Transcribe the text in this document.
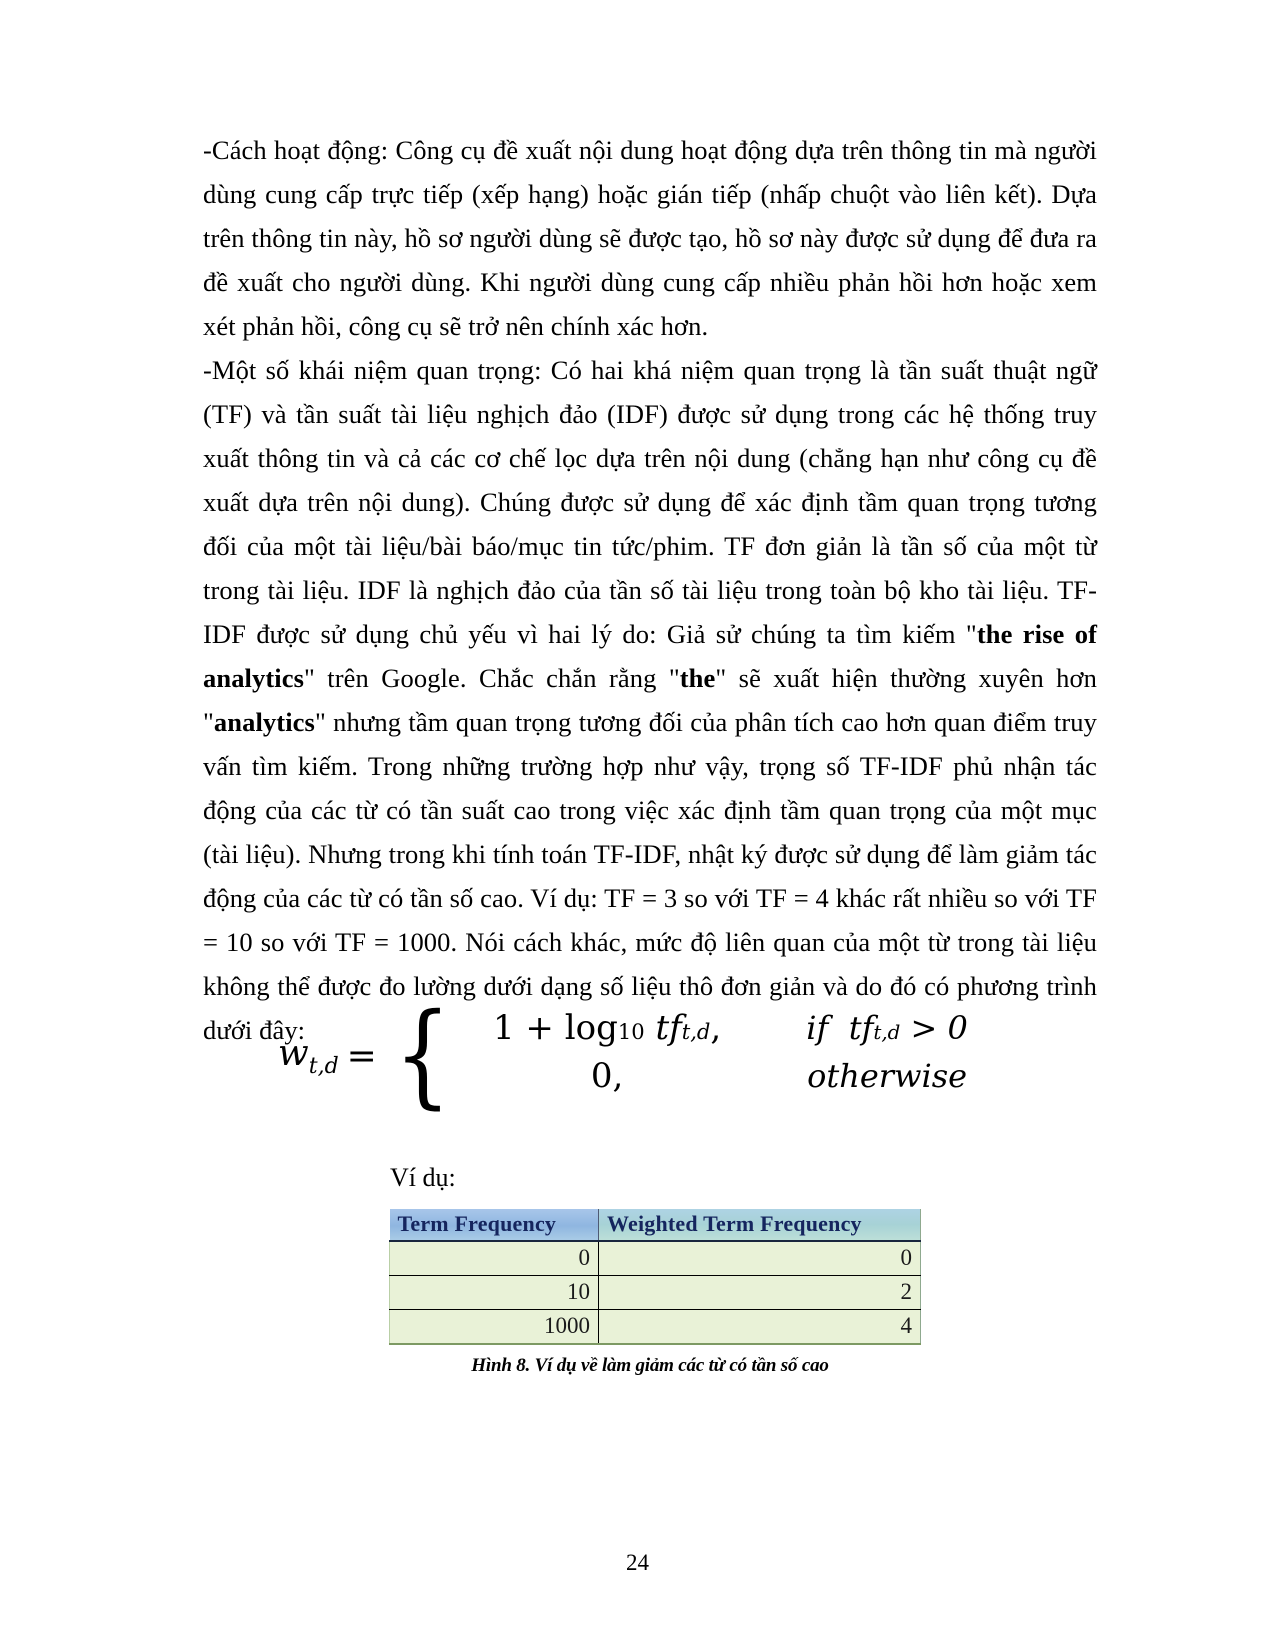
-Cách hoạt động: Công cụ đề xuất nội dung hoạt động dựa trên thông tin mà người dùng cung cấp trực tiếp (xếp hạng) hoặc gián tiếp (nhấp chuột vào liên kết). Dựa trên thông tin này, hồ sơ người dùng sẽ được tạo, hồ sơ này được sử dụng để đưa ra đề xuất cho người dùng. Khi người dùng cung cấp nhiều phản hồi hơn hoặc xem xét phản hồi, công cụ sẽ trở nên chính xác hơn.

-Một số khái niệm quan trọng: Có hai khá niệm quan trọng là tần suất thuật ngữ (TF) và tần suất tài liệu nghịch đảo (IDF) được sử dụng trong các hệ thống truy xuất thông tin và cả các cơ chế lọc dựa trên nội dung (chẳng hạn như công cụ đề xuất dựa trên nội dung). Chúng được sử dụng để xác định tầm quan trọng tương đối của một tài liệu/bài báo/mục tin tức/phim. TF đơn giản là tần số của một từ trong tài liệu. IDF là nghịch đảo của tần số tài liệu trong toàn bộ kho tài liệu. TF-IDF được sử dụng chủ yếu vì hai lý do: Giả sử chúng ta tìm kiếm "the rise of analytics" trên Google. Chắc chắn rằng "the" sẽ xuất hiện thường xuyên hơn "analytics" nhưng tầm quan trọng tương đối của phân tích cao hơn quan điểm truy vấn tìm kiếm. Trong những trường hợp như vậy, trọng số TF-IDF phủ nhận tác động của các từ có tần suất cao trong việc xác định tầm quan trọng của một mục (tài liệu). Nhưng trong khi tính toán TF-IDF, nhật ký được sử dụng để làm giảm tác động của các từ có tần số cao. Ví dụ: TF = 3 so với TF = 4 khác rất nhiều so với TF = 10 so với TF = 1000. Nói cách khác, mức độ liên quan của một từ trong tài liệu không thể được đo lường dưới dạng số liệu thô đơn giản và do đó có phương trình dưới đây:

$w_{t,d}$ = {	1 + log10 tft,d,	if tft,d > 0
0,	otherwise
Ví dụ:
Term Frequency	Weighted Term Frequency
0	0
10	2
1000	4
Hình 8. Ví dụ về làm giảm các từ có tần số cao
24
